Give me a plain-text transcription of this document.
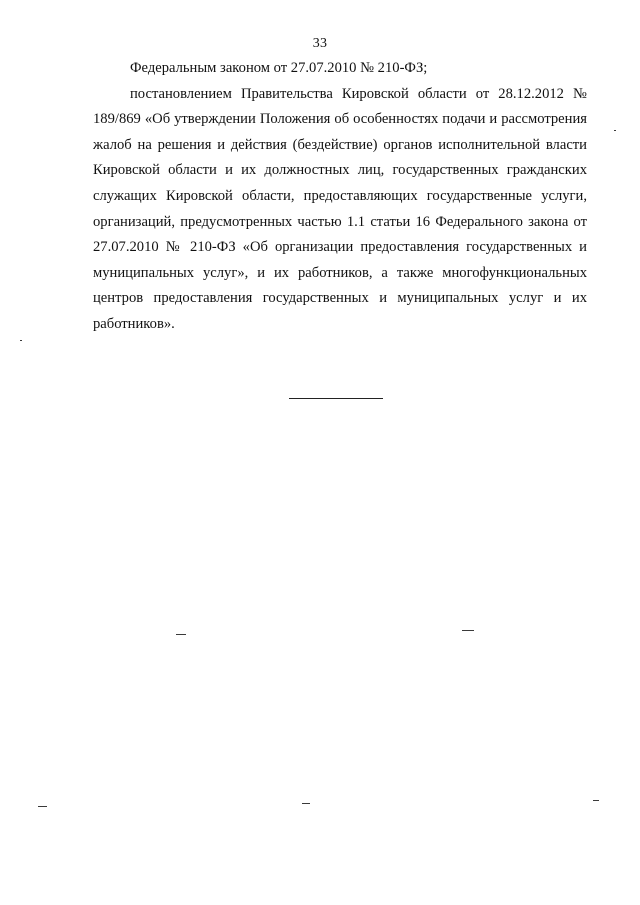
33

Федеральным законом от 27.07.2010 № 210-ФЗ;

постановлением Правительства Кировской области от 28.12.2012 № 189/869 «Об утверждении Положения об особенностях подачи и рассмотрения жалоб на решения и действия (бездействие) органов исполнительной власти Кировской области и их должностных лиц, государственных гражданских служащих Кировской области, предоставляющих государственные услуги, организаций, предусмотренных частью 1.1 статьи 16 Федерального закона от 27.07.2010 № 210-ФЗ «Об организации предоставления государственных и муниципальных услуг», и их работников, а также многофункциональных центров предоставления государственных и муниципальных услуг и их работников».
